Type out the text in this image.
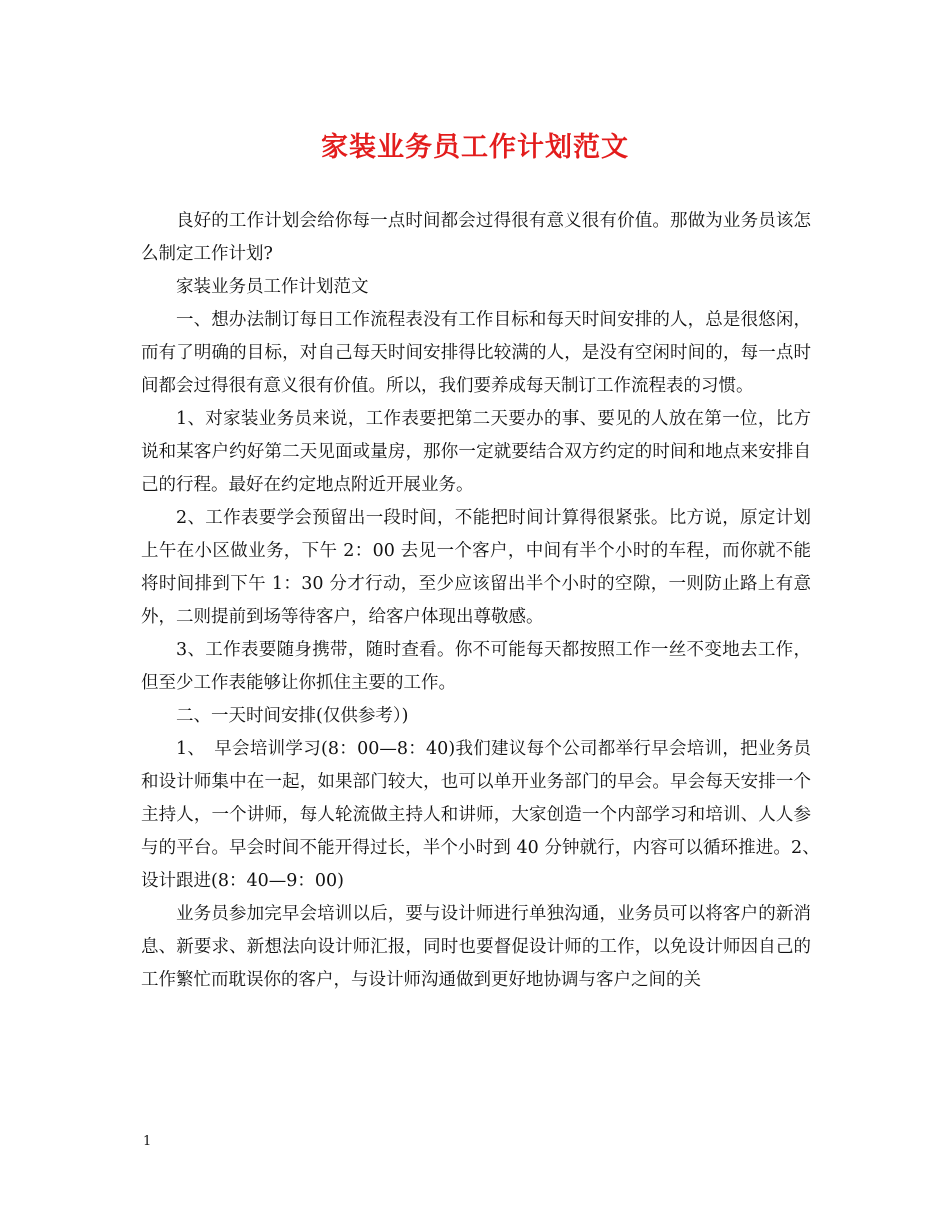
家装业务员工作计划范文

良好的工作计划会给你每一点时间都会过得很有意义很有价值。那做为业务员该怎么制定工作计划?

家装业务员工作计划范文

一、想办法制订每日工作流程表没有工作目标和每天时间安排的人，总是很悠闲，而有了明确的目标，对自己每天时间安排得比较满的人，是没有空闲时间的，每一点时间都会过得很有意义很有价值。所以，我们要养成每天制订工作流程表的习惯。

1、对家装业务员来说，工作表要把第二天要办的事、要见的人放在第一位，比方说和某客户约好第二天见面或量房，那你一定就要结合双方约定的时间和地点来安排自己的行程。最好在约定地点附近开展业务。

2、工作表要学会预留出一段时间，不能把时间计算得很紧张。比方说，原定计划上午在小区做业务，下午 2：00 去见一个客户，中间有半个小时的车程，而你就不能将时间排到下午 1：30 分才行动，至少应该留出半个小时的空隙，一则防止路上有意外，二则提前到场等待客户，给客户体现出尊敬感。

3、工作表要随身携带，随时查看。你不可能每天都按照工作一丝不变地去工作，但至少工作表能够让你抓住主要的工作。

二、一天时间安排(仅供参考）)

1、　早会培训学习(8：00—8：40)我们建议每个公司都举行早会培训，把业务员和设计师集中在一起，如果部门较大，也可以单开业务部门的早会。早会每天安排一个主持人，一个讲师，每人轮流做主持人和讲师，大家创造一个内部学习和培训、人人参与的平台。早会时间不能开得过长，半个小时到 40 分钟就行，内容可以循环推进。2、　设计跟进(8：40—9：00)

业务员参加完早会培训以后，要与设计师进行单独沟通，业务员可以将客户的新消息、新要求、新想法向设计师汇报，同时也要督促设计师的工作，以免设计师因自己的工作繁忙而耽误你的客户，与设计师沟通做到更好地协调与客户之间的关

1
